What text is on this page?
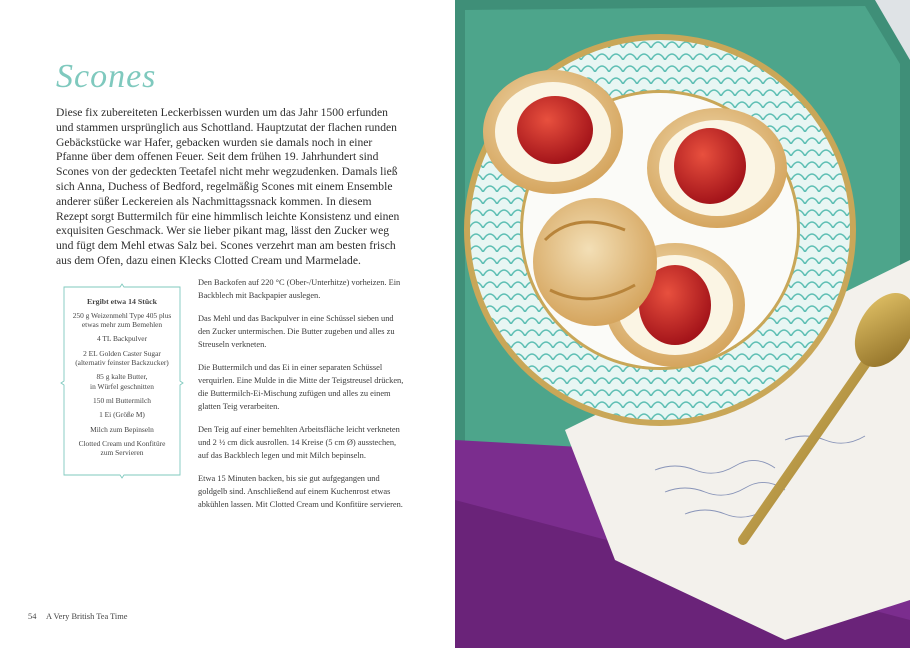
Scones

Diese fix zubereiteten Leckerbissen wurden um das Jahr 1500 erfunden und stammen ursprünglich aus Schottland. Hauptzutat der flachen runden Gebäckstücke war Hafer, gebacken wurden sie damals noch in einer Pfanne über dem offenen Feuer. Seit dem frühen 19. Jahrhundert sind Scones von der gedeckten Teetafel nicht mehr wegzudenken. Damals ließ sich Anna, Duchess of Bedford, regelmäßig Scones mit einem Ensemble anderer süßer Leckereien als Nachmittagssnack kommen. In diesem Rezept sorgt Buttermilch für eine himmlisch leichte Konsistenz und einen exquisiten Geschmack. Wer sie lieber pikant mag, lässt den Zucker weg und fügt dem Mehl etwas Salz bei. Scones verzehrt man am besten frisch aus dem Ofen, dazu einen Klecks Clotted Cream und Marmelade.

Ergibt etwa 14 Stück
250 g Weizenmehl Type 405 plus
etwas mehr zum Bemehlen
4 TL Backpulver
2 EL Golden Caster Sugar
(alternativ feinster Backzucker)
85 g kalte Butter,
in Würfel geschnitten
150 ml Buttermilch
1 Ei (Größe M)
Milch zum Bepinseln
Clotted Cream und Konfitüre
zum Servieren

Den Backofen auf 220 °C (Ober-/Unterhitze) vorheizen. Ein Backblech mit Backpapier auslegen.

Das Mehl und das Backpulver in eine Schüssel sieben und den Zucker untermischen. Die Butter zugeben und alles zu Streuseln verkneten.

Die Buttermilch und das Ei in einer separaten Schüssel verquirlen. Eine Mulde in die Mitte der Teigstreusel drücken, die Buttermilch-Ei-Mischung zufügen und alles zu einem glatten Teig verarbeiten.

Den Teig auf einer bemehlten Arbeitsfläche leicht verkneten und 2 ½ cm dick ausrollen. 14 Kreise (5 cm Ø) ausstechen, auf das Backblech legen und mit Milch bepinseln.

Etwa 15 Minuten backen, bis sie gut aufgegangen und goldgelb sind. Anschließend auf einem Kuchenrost etwas abkühlen lassen. Mit Clotted Cream und Konfitüre servieren.

54 A Very British Tea Time
